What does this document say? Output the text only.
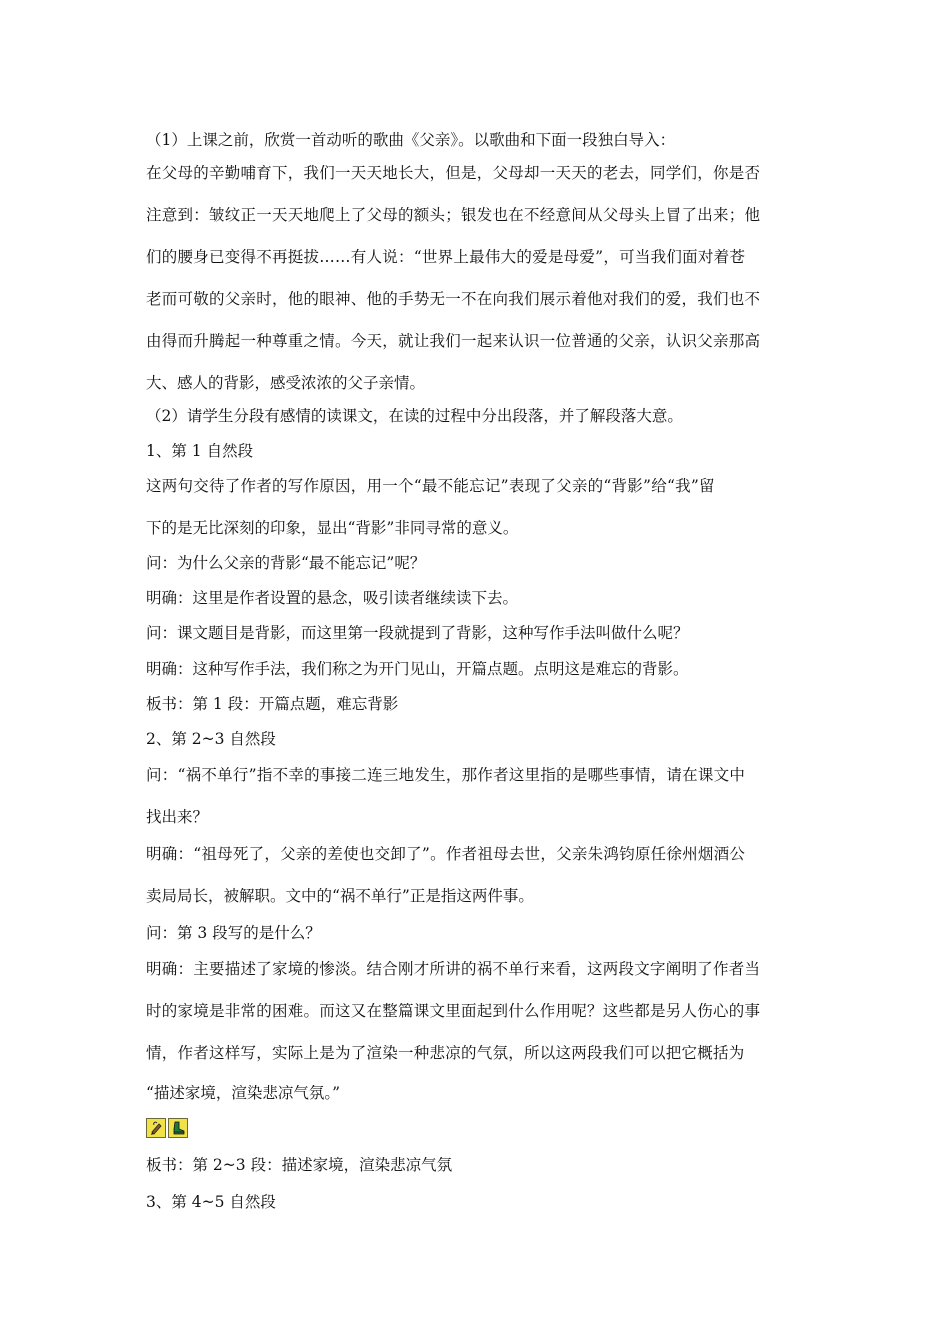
（1）上课之前，欣赏一首动听的歌曲《父亲》。以歌曲和下面一段独白导入：
在父母的辛勤哺育下，我们一天天地长大，但是，父母却一天天的老去，同学们，你是否
注意到：皱纹正一天天地爬上了父母的额头；银发也在不经意间从父母头上冒了出来；他
们的腰身已变得不再挺拔……有人说：“世界上最伟大的爱是母爱”，可当我们面对着苍
老而可敬的父亲时，他的眼神、他的手势无一不在向我们展示着他对我们的爱，我们也不
由得而升腾起一种尊重之情。今天，就让我们一起来认识一位普通的父亲，认识父亲那高
大、感人的背影，感受浓浓的父子亲情。
（2）请学生分段有感情的读课文，在读的过程中分出段落，并了解段落大意。
1、第 1 自然段
这两句交待了作者的写作原因，用一个“最不能忘记”表现了父亲的“背影”给“我”留
下的是无比深刻的印象，显出“背影”非同寻常的意义。
问：为什么父亲的背影“最不能忘记”呢？
明确：这里是作者设置的悬念，吸引读者继续读下去。
问：课文题目是背影，而这里第一段就提到了背影，这种写作手法叫做什么呢？
明确：这种写作手法，我们称之为开门见山，开篇点题。点明这是难忘的背影。
板书：第 1 段：开篇点题，难忘背影
2、第 2~3 自然段
问：“祸不单行”指不幸的事接二连三地发生，那作者这里指的是哪些事情，请在课文中
找出来？
明确：“祖母死了，父亲的差使也交卸了”。作者祖母去世，父亲朱鸿钧原任徐州烟酒公
卖局局长，被解职。文中的“祸不单行”正是指这两件事。
问：第 3 段写的是什么？
明确：主要描述了家境的惨淡。结合刚才所讲的祸不单行来看，这两段文字阐明了作者当
时的家境是非常的困难。而这又在整篇课文里面起到什么作用呢？这些都是另人伤心的事
情，作者这样写，实际上是为了渲染一种悲凉的气氛，所以这两段我们可以把它概括为
“描述家境，渲染悲凉气氛。”
板书：第 2~3 段：描述家境，渲染悲凉气氛
3、第 4~5 自然段
